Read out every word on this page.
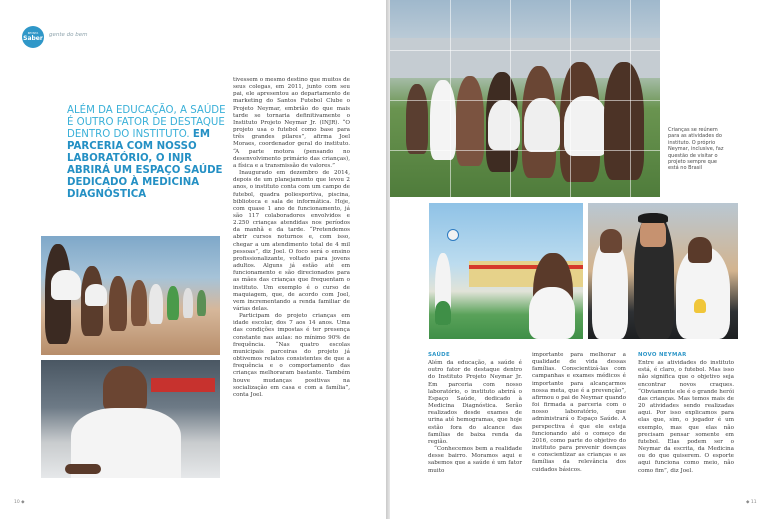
REVISTA
Saber gente do bem
ALÉM DA EDUCAÇÃO, A SAÚDE É OUTRO FATOR DE DESTAQUE DENTRO DO INSTITUTO. EM PARCERIA COM NOSSO LABORATÓRIO, O INJR ABRIRÁ UM ESPAÇO SAÚDE DEDICADO À MEDICINA DIAGNÓSTICA

tivessem o mesmo destino que muitos de seus colegas, em 2011, junto com seu pai, ele apresentou ao departamento de marketing do Santos Futebol Clube o Projeto Neymar, embrião do que mais tarde se tornaria definitivamente o Instituto Projeto Neymar Jr. (INJR). “O projeto usa o futebol como base para três grandes pilares”, afirma Joel Moraes, coordenador geral do instituto. “A parte motora (pensando no desenvolvimento primário das crianças), a física e a transmissão de valores.”

Inaugurado em dezembro de 2014, depois de um planejamento que levou 2 anos, o instituto conta com um campo de futebol, quadra poliesportiva, piscina, biblioteca e sala de informática. Hoje, com quase 1 ano de funcionamento, já são 117 colaboradores envolvidos e 2.250 crianças atendidas nos períodos da manhã e da tarde. “Pretendemos abrir cursos noturnos e, com isso, chegar a um atendimento total de 4 mil pessoas”, diz Joel. O foco será o ensino profissionalizante, voltado para jovens adultos. Alguns já estão até em funcionamento e são direcionados para as mães das crianças que frequentam o instituto. Um exemplo é o curso de maquiagem, que, de acordo com Joel, vem incrementando a renda familiar de várias delas.

Participam do projeto crianças em idade escolar, dos 7 aos 14 anos. Uma das condições impostas é ter presença constante nas aulas: no mínimo 90% de frequência. “Nas quatro escolas municipais parceiras do projeto já obtivemos relatos consistentes de que a frequência e o comportamento das crianças melhoraram bastante. Também houve mudanças positivas na socialização em casa e com a família”, conta Joel.

10 ◆
Crianças se reúnem para as atividades do instituto. O próprio Neymar, inclusive, faz questão de visitar o projeto sempre que está no Brasil
SAÚDE

Além da educação, a saúde é outro fator de destaque dentro do Instituto Projeto Neymar Jr. Em parceria com nosso laboratório, o instituto abrirá o Espaço Saúde, dedicado à Medicina Diagnóstica. Serão realizados desde exames de urina até hemogramas, que hoje estão fora do alcance das famílias de baixa renda da região.

“Conhecemos bem a realidade desse bairro. Moramos aqui e sabemos que a saúde é um fator muito

importante para melhorar a qualidade de vida dessas famílias. Conscientizá-las com campanhas e exames médicos é importante para alcançarmos nossa meta, que é a prevenção”, afirmou o pai de Neymar quando foi firmada a parceria com o nosso laboratório, que administrará o Espaço Saúde. A perspectiva é que ele esteja funcionando até o começo de 2016, como parte do objetivo do instituto para prevenir doenças e conscientizar as crianças e as famílias da relevância dos cuidados básicos.

NOVO NEYMAR

Entre as atividades do instituto está, é claro, o futebol. Mas isso não significa que o objetivo seja encontrar novos craques. “Obviamente ele é o grande herói das crianças. Mas temos mais de 20 atividades sendo realizadas aqui. Por isso explicamos para elas que, sim, o jogador é um exemplo, mas que elas não precisam pensar somente em futebol. Elas podem ser o Neymar da escrita, da Medicina ou do que quiserem. O esporte aqui funciona como meio, não como fim”, diz Joel.

◆ 11
